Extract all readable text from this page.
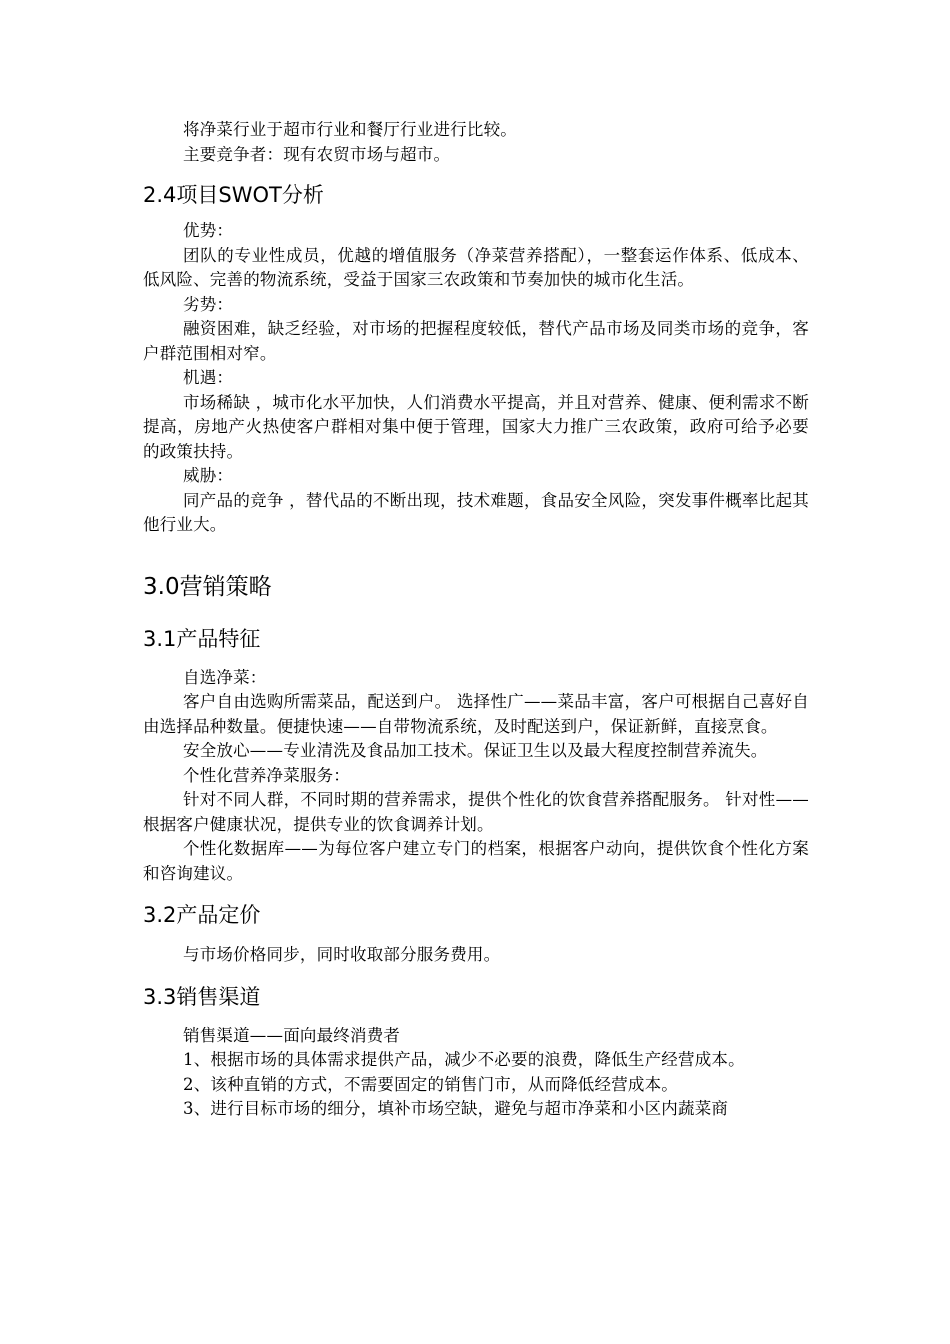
将净菜行业于超市行业和餐厅行业进行比较。

主要竞争者：现有农贸市场与超市。

2.4项目SWOT分析

优势：

团队的专业性成员，优越的增值服务（净菜营养搭配），一整套运作体系、低成本、低风险、完善的物流系统，受益于国家三农政策和节奏加快的城市化生活。

劣势：

融资困难，缺乏经验，对市场的把握程度较低，替代产品市场及同类市场的竞争，客户群范围相对窄。

机遇：

市场稀缺 ，城市化水平加快，人们消费水平提高，并且对营养、健康、便利需求不断提高，房地产火热使客户群相对集中便于管理，国家大力推广三农政策，政府可给予必要的政策扶持。

威胁：

同产品的竞争 ，替代品的不断出现，技术难题，食品安全风险，突发事件概率比起其他行业大。

3.0营销策略
3.1产品特征

自选净菜：

客户自由选购所需菜品，配送到户。 选择性广——菜品丰富，客户可根据自己喜好自由选择品种数量。便捷快速——自带物流系统，及时配送到户，保证新鲜，直接烹食。

安全放心——专业清洗及食品加工技术。保证卫生以及最大程度控制营养流失。

个性化营养净菜服务：

针对不同人群，不同时期的营养需求，提供个性化的饮食营养搭配服务。 针对性——根据客户健康状况，提供专业的饮食调养计划。

个性化数据库——为每位客户建立专门的档案，根据客户动向，提供饮食个性化方案和咨询建议。

3.2产品定价

与市场价格同步，同时收取部分服务费用。

3.3销售渠道

销售渠道——面向最终消费者

1、根据市场的具体需求提供产品，减少不必要的浪费，降低生产经营成本。

2、该种直销的方式，不需要固定的销售门市，从而降低经营成本。

3、进行目标市场的细分，填补市场空缺，避免与超市净菜和小区内蔬菜商
